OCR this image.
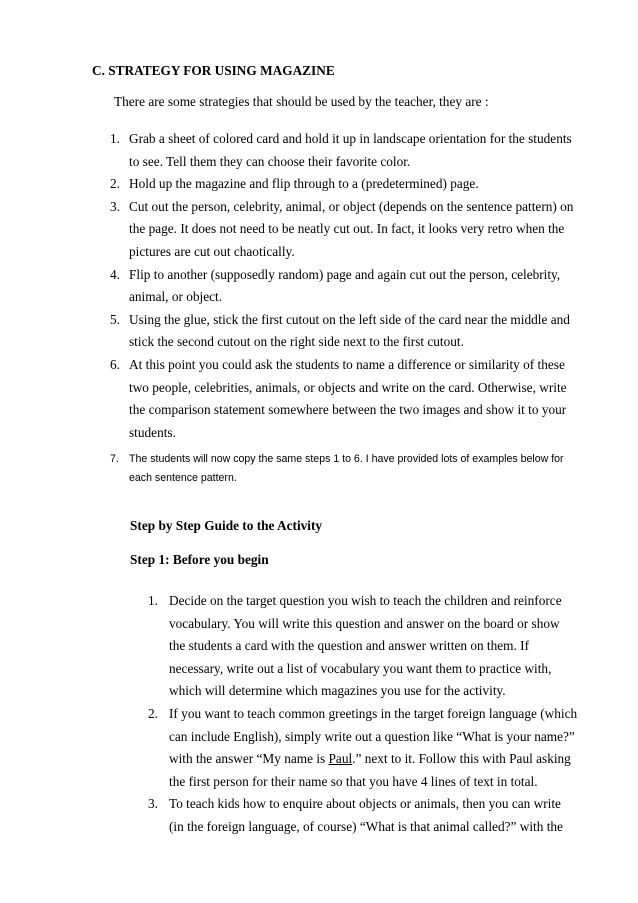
C. STRATEGY FOR USING MAGAZINE
There are some strategies that should be used by the teacher, they are :
1. Grab a sheet of colored card and hold it up in landscape orientation for the students to see. Tell them they can choose their favorite color.
2. Hold up the magazine and flip through to a (predetermined) page.
3. Cut out the person, celebrity, animal, or object (depends on the sentence pattern) on the page. It does not need to be neatly cut out. In fact, it looks very retro when the pictures are cut out chaotically.
4. Flip to another (supposedly random) page and again cut out the person, celebrity, animal, or object.
5. Using the glue, stick the first cutout on the left side of the card near the middle and stick the second cutout on the right side next to the first cutout.
6. At this point you could ask the students to name a difference or similarity of these two people, celebrities, animals, or objects and write on the card. Otherwise, write the comparison statement somewhere between the two images and show it to your students.
7. The students will now copy the same steps 1 to 6. I have provided lots of examples below for each sentence pattern.
Step by Step Guide to the Activity
Step 1: Before you begin
1. Decide on the target question you wish to teach the children and reinforce vocabulary. You will write this question and answer on the board or show the students a card with the question and answer written on them. If necessary, write out a list of vocabulary you want them to practice with, which will determine which magazines you use for the activity.
2. If you want to teach common greetings in the target foreign language (which can include English), simply write out a question like “What is your name?” with the answer “My name is Paul.” next to it. Follow this with Paul asking the first person for their name so that you have 4 lines of text in total.
3. To teach kids how to enquire about objects or animals, then you can write (in the foreign language, of course) “What is that animal called?” with the
